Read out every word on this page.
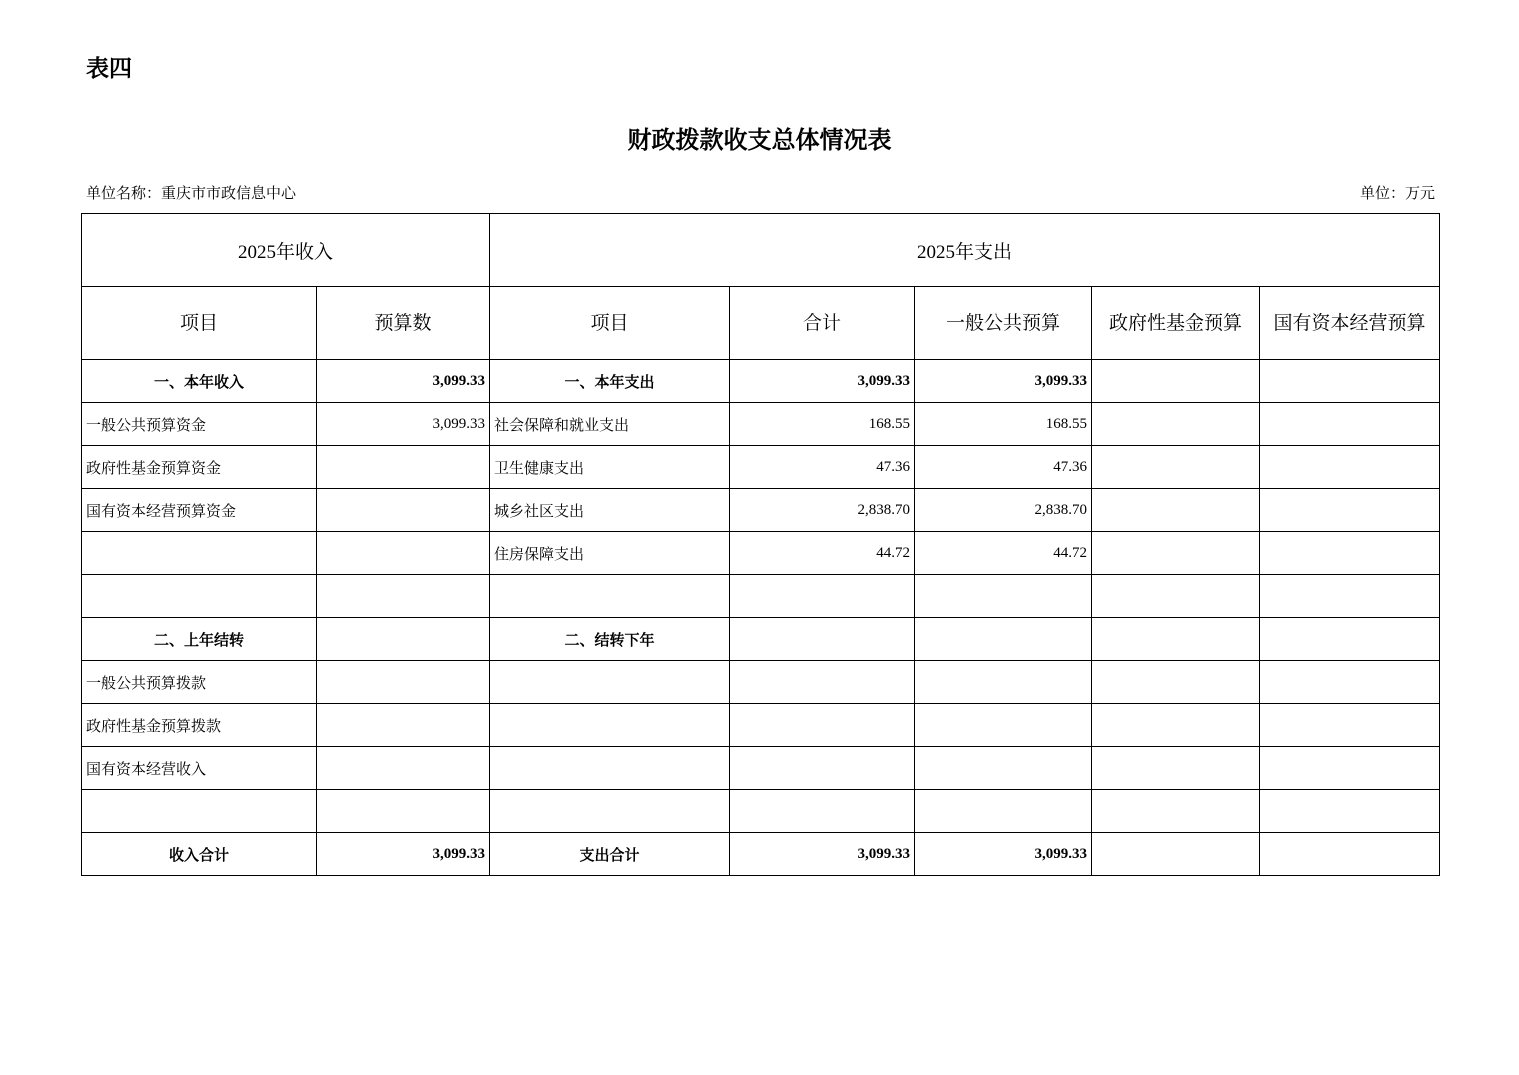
表四
财政拨款收支总体情况表
单位名称：重庆市市政信息中心	单位：万元
2025年收入		2025年支出				
项目	预算数	项目	合计	一般公共预算	政府性基金预算	国有资本经营预算
一、本年收入	3,099.33	一、本年支出	3,099.33	3,099.33		
一般公共预算资金	3,099.33	社会保障和就业支出	168.55	168.55		
政府性基金预算资金		卫生健康支出	47.36	47.36		
国有资本经营预算资金		城乡社区支出	2,838.70	2,838.70		
		住房保障支出	44.72	44.72		

二、上年结转		二、结转下年				
一般公共预算拨款						
政府性基金预算拨款						
国有资本经营收入						

收入合计	3,099.33	支出合计	3,099.33	3,099.33		
